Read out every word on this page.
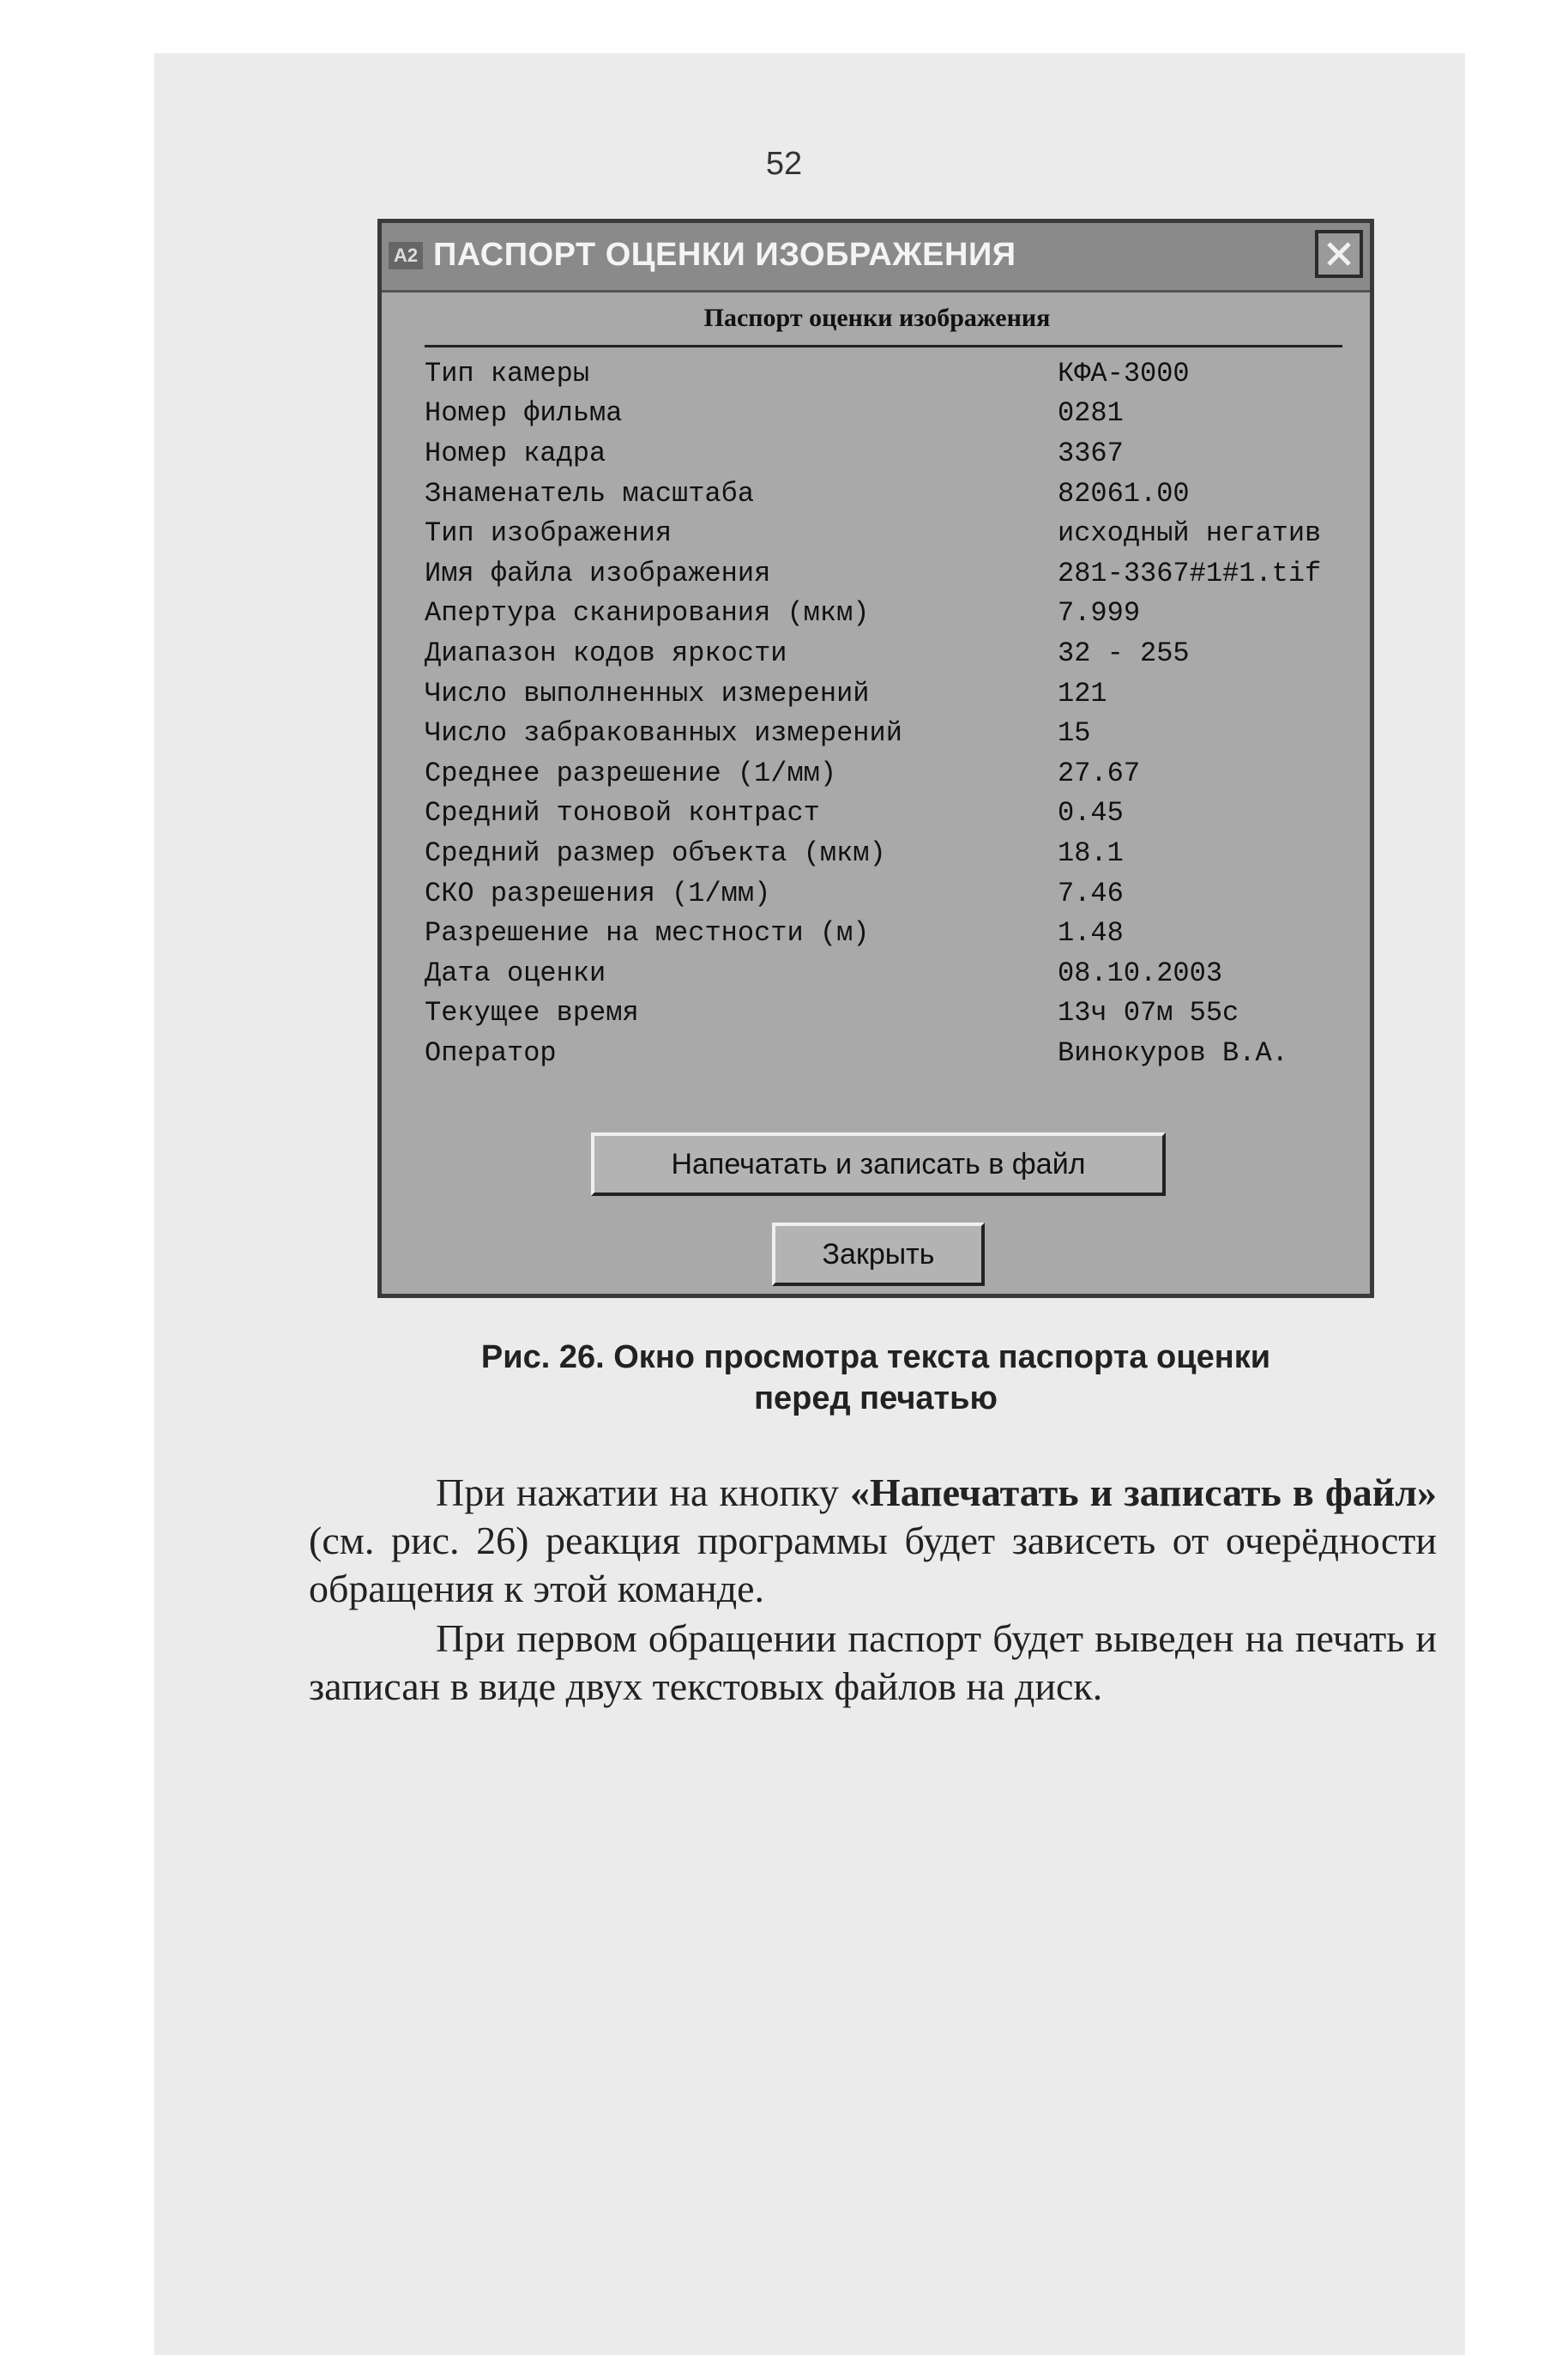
52
A2 ПАСПОРТ ОЦЕНКИ ИЗОБРАЖЕНИЯ
Паспорт оценки изображения
Тип камеры	КФА-3000
Номер фильма	0281
Номер кадра	3367
Знаменатель масштаба	82061.00
Тип изображения	исходный негатив
Имя файла изображения	281-3367#1#1.tif
Апертура сканирования (мкм)	7.999
Диапазон кодов яркости	32 - 255
Число выполненных измерений	121
Число забракованных измерений	15
Среднее разрешение (1/мм)	27.67
Средний тоновой контраст	0.45
Средний размер объекта (мкм)	18.1
СКО разрешения (1/мм)	7.46
Разрешение на местности (м)	1.48
Дата оценки	08.10.2003
Текущее время	13ч 07м 55с
Оператор	Винокуров В.А.
Напечатать и записать в файл
Закрыть
Рис. 26. Окно просмотра текста паспорта оценки
перед печатью

При нажатии на кнопку «Напечатать и записать в файл» (см. рис. 26) реакция программы будет зависеть от очерёдности обращения к этой команде.

При первом обращении паспорт будет выведен на печать и записан в виде двух текстовых файлов на диск.
